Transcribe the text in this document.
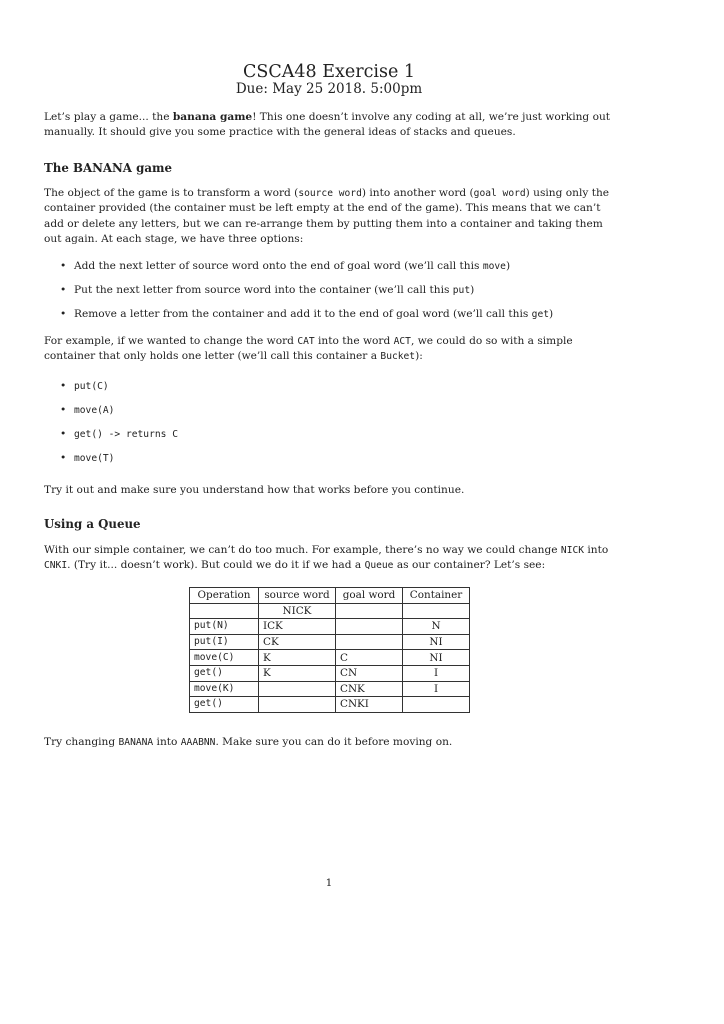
CSCA48 Exercise 1
Due: May 25 2018. 5:00pm
Let’s play a game... the banana game! This one doesn’t involve any coding at all, we’re just working out manually. It should give you some practice with the general ideas of stacks and queues.
The BANANA game
The object of the game is to transform a word (source word) into another word (goal word) using only the container provided (the container must be left empty at the end of the game). This means that we can’t add or delete any letters, but we can re-arrange them by putting them into a container and taking them out again. At each stage, we have three options:
• Add the next letter of source word onto the end of goal word (we’ll call this move)
• Put the next letter from source word into the container (we’ll call this put)
• Remove a letter from the container and add it to the end of goal word (we’ll call this get)
For example, if we wanted to change the word CAT into the word ACT, we could do so with a simple container that only holds one letter (we’ll call this container a Bucket):
• put(C)
• move(A)
• get() -> returns C
• move(T)
Try it out and make sure you understand how that works before you continue.
Using a Queue
With our simple container, we can’t do too much. For example, there’s no way we could change NICK into CNKI. (Try it... doesn’t work). But could we do it if we had a Queue as our container? Let’s see:
Operation	source word	goal word	Container
	NICK		
put(N)	ICK		N
put(I)	CK		NI
move(C)	K	C	NI
get()	K	CN	I
move(K)		CNK	I
get()		CNKI	
Try changing BANANA into AAABNN. Make sure you can do it before moving on.
1
